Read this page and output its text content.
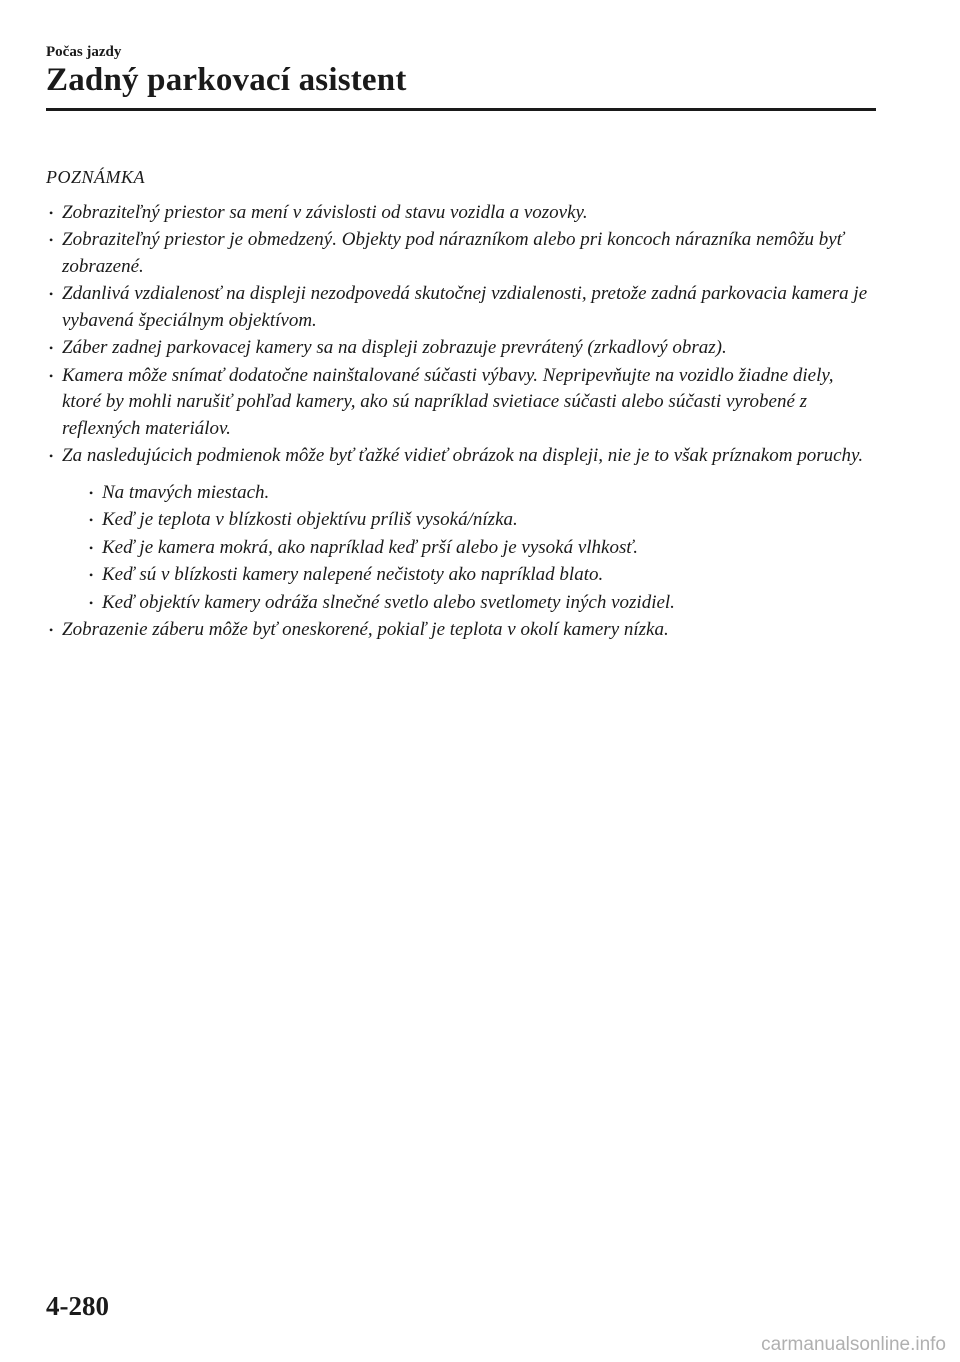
Počas jazdy

Zadný parkovací asistent

POZNÁMKA

• Zobraziteľný priestor sa mení v závislosti od stavu vozidla a vozovky.
• Zobraziteľný priestor je obmedzený. Objekty pod nárazníkom alebo pri koncoch nárazníka nemôžu byť zobrazené.
• Zdanlivá vzdialenosť na displeji nezodpovedá skutočnej vzdialenosti, pretože zadná parkovacia kamera je vybavená špeciálnym objektívom.
• Záber zadnej parkovacej kamery sa na displeji zobrazuje prevrátený (zrkadlový obraz).
• Kamera môže snímať dodatočne nainštalované súčasti výbavy. Nepripevňujte na vozidlo žiadne diely, ktoré by mohli narušiť pohľad kamery, ako sú napríklad svietiace súčasti alebo súčasti vyrobené z reflexných materiálov.
• Za nasledujúcich podmienok môže byť ťažké vidieť obrázok na displeji, nie je to však príznakom poruchy.
• Na tmavých miestach.
• Keď je teplota v blízkosti objektívu príliš vysoká/nízka.
• Keď je kamera mokrá, ako napríklad keď prší alebo je vysoká vlhkosť.
• Keď sú v blízkosti kamery nalepené nečistoty ako napríklad blato.
• Keď objektív kamery odráža slnečné svetlo alebo svetlomety iných vozidiel.
• Zobrazenie záberu môže byť oneskorené, pokiaľ je teplota v okolí kamery nízka.

4-280

carmanualsonline.info
